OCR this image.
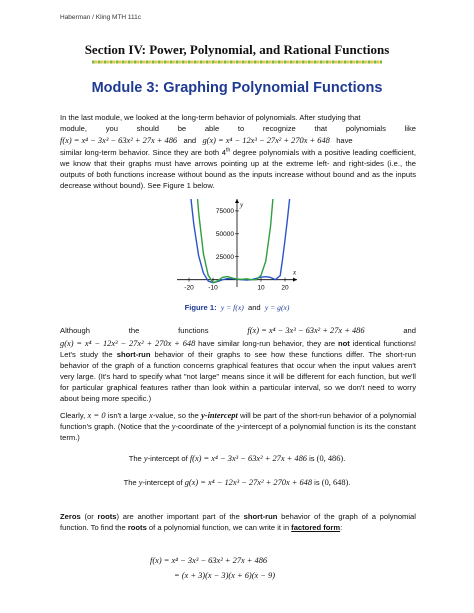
Haberman / Kling MTH 111c
Section IV: Power, Polynomial, and Rational Functions
Module 3: Graphing Polynomial Functions
In the last module, we looked at the long-term behavior of polynomials. After studying that
module, you should be able to recognize that polynomials like
f(x) = x⁴ − 3x³ − 63x² + 27x + 486 and g(x) = x⁴ − 12x³ − 27x² + 270x + 648 have
similar long-term behavior. Since they are both 4th degree polynomials with a positive leading coefficient, we know that their graphs must have arrows pointing up at the extreme left- and right-sides (i.e., the outputs of both functions increase without bound as the inputs increase without bound and as the inputs decrease without bound). See Figure 1 below.
-20 -10	10	20
25000
50000
75000
x
y
Figure 1: y = f(x) and y = g(x)
Although	the	functions	f(x) = x⁴ − 3x³ − 63x² + 27x + 486	and
g(x) = x⁴ − 12x³ − 27x² + 270x + 648 have similar long-run behavior, they are not identical functions! Let's study the short-run behavior of their graphs to see how these functions differ. The short-run behavior of the graph of a function concerns graphical features that occur when the input values aren't very large. (It's hard to specify what "not large" means since it will be different for each function, but we'll for particular graphical features rather than look within a particular interval, so we don't need to worry about being more specific.)
Clearly, x = 0 isn't a large x-value, so the y-intercept will be part of the short-run behavior of a polynomial function's graph. (Notice that the y-coordinate of the y-intercept of a polynomial function is its the constant term.)
The y-intercept of f(x) = x⁴ − 3x³ − 63x² + 27x + 486 is (0, 486).
The y-intercept of g(x) = x⁴ − 12x³ − 27x² + 270x + 648 is (0, 648).
Zeros (or roots) are another important part of the short-run behavior of the graph of a polynomial function. To find the roots of a polynomial function, we can write it in factored form:
f(x) = x⁴ − 3x³ − 63x² + 27x + 486
= (x + 3)(x − 3)(x + 6)(x − 9)
